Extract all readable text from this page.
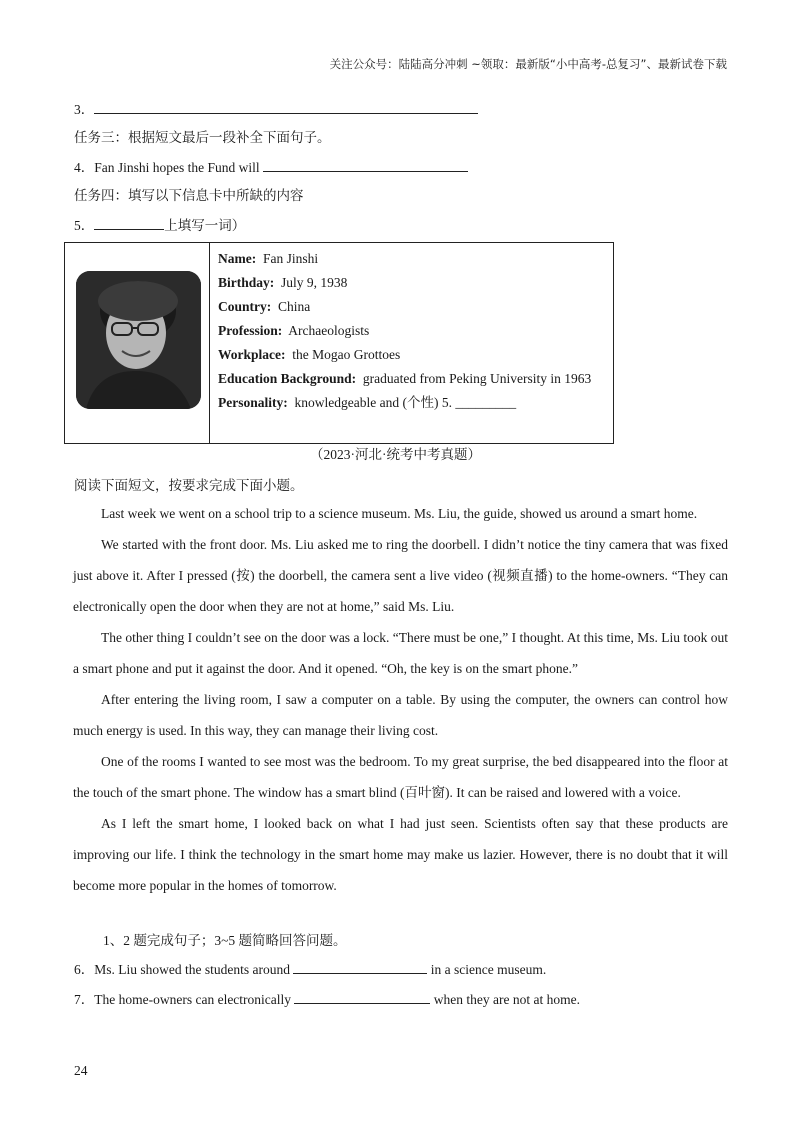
关注公众号：陆陆高分冲刺 ~领取：最新版“小中高考-总复习”、最新试卷下载
3．
任务三：根据短文最后一段补全下面句子。
4．Fan Jinshi hopes the Fund will
任务四：填写以下信息卡中所缺的内容
5．	上填写一词）
Name: Fan Jinshi
Birthday: July 9, 1938
Country: China
Profession: Archaeologists
Workplace: the Mogao Grottoes
Education Background: graduated from Peking University in 1963
Personality: knowledgeable and (个性) 5. _________
（2023·河北·统考中考真题）
阅读下面短文，按要求完成下面小题。
Last week we went on a school trip to a science museum. Ms. Liu, the guide, showed us around a smart home.
We started with the front door. Ms. Liu asked me to ring the doorbell. I didn’t notice the tiny camera that was fixed just above it. After I pressed (按) the doorbell, the camera sent a live video (视频直播) to the home-owners. “They can electronically open the door when they are not at home,” said Ms. Liu.
The other thing I couldn’t see on the door was a lock. “There must be one,” I thought. At this time, Ms. Liu took out a smart phone and put it against the door. And it opened. “Oh, the key is on the smart phone.”
After entering the living room, I saw a computer on a table. By using the computer, the owners can control how much energy is used. In this way, they can manage their living cost.
One of the rooms I wanted to see most was the bedroom. To my great surprise, the bed disappeared into the floor at the touch of the smart phone. The window has a smart blind (百叶窗). It can be raised and lowered with a voice.
As I left the smart home, I looked back on what I had just seen. Scientists often say that these products are improving our life. I think the technology in the smart home may make us lazier. However, there is no doubt that it will become more popular in the homes of tomorrow.
1、2 题完成句子；3~5 题简略回答问题。
6．Ms. Liu showed the students around	in a science museum.
7．The home-owners can electronically	when they are not at home.
24
